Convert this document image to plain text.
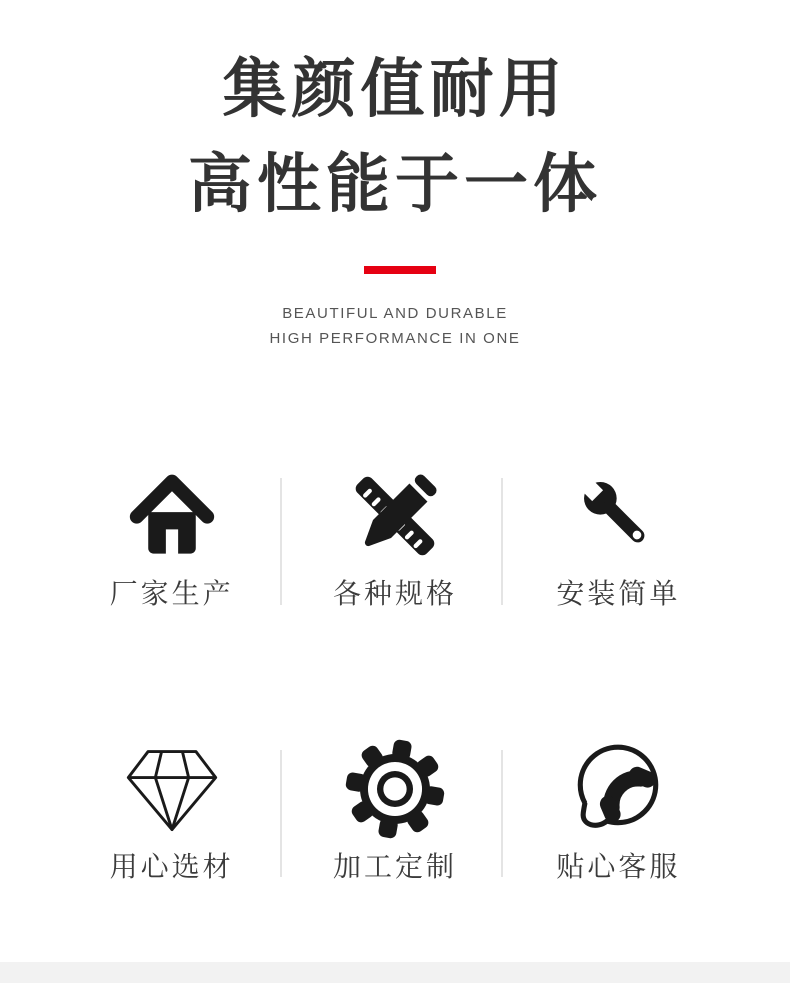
集颜值耐用
高性能于一体
BEAUTIFUL AND DURABLE
HIGH PERFORMANCE IN ONE
厂家生产	各种规格	安装简单
用心选材	加工定制	贴心客服
